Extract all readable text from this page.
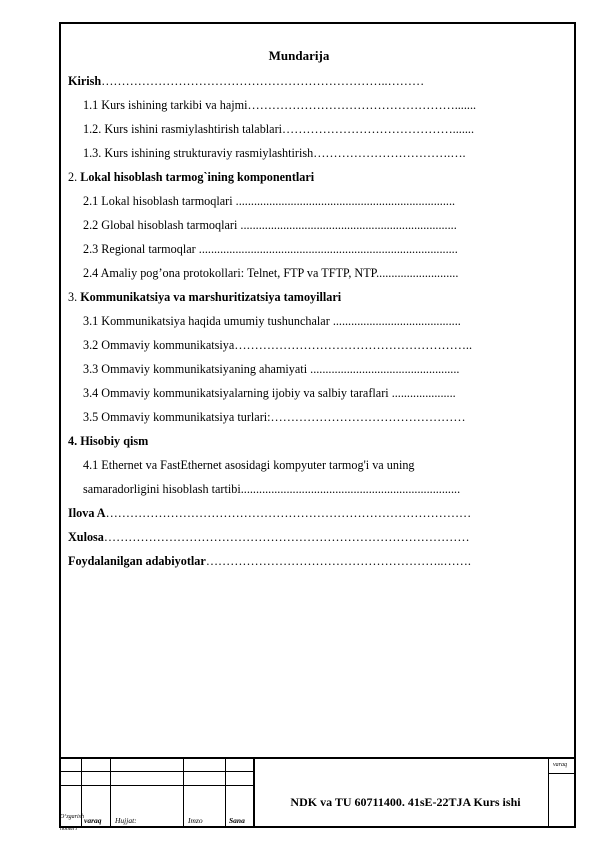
Mundarija
Kirish……………………………………………………………..………
1.1 Kurs ishining tarkibi va hajmi…………………………………………….......
1.2. Kurs ishini rasmiylashtirish talablari…………………………………….......
1.3. Kurs ishining strukturaviy rasmiylashtirish…………………………….….
2. Lokal hisoblash tarmog`ining komponentlari
2.1 Lokal hisoblash tarmoqlari ........................................................................
2.2 Global hisoblash tarmoqlari .......................................................................
2.3 Regional tarmoqlar .....................................................................................
2.4 Amaliy pog’ona protokollari: Telnet, FTP va TFTP, NTP...........................
3. Kommunikatsiya va marshuritizatsiya tamoyillari
3.1 Kommunikatsiya haqida umumiy tushunchalar ..........................................
3.2 Ommaviy kommunikatsiya…………………………………………………..
3.3 Ommaviy kommunikatsiyaning ahamiyati .................................................
3.4 Ommaviy kommunikatsiyalarning ijobiy va salbiy taraflari .....................
3.5 Ommaviy kommunikatsiya turlari:…………………………………………
4. Hisobiy qism
4.1 Ethernet va FastEthernet asosidagi kompyuter tarmog'i va uning
samaradorligini hisoblash tartibi........................................................................
Ilova A………………………………………………………………………………
Xulosa………………………………………………………………………………
Foydalanilgan adabiyotlar…………………………………………………..…….
O‘zgarish
nomeri
varaq Hujjat:	Imzo	Sana
varaq
NDK va TU 60711400. 41sE-22TJA Kurs ishi
